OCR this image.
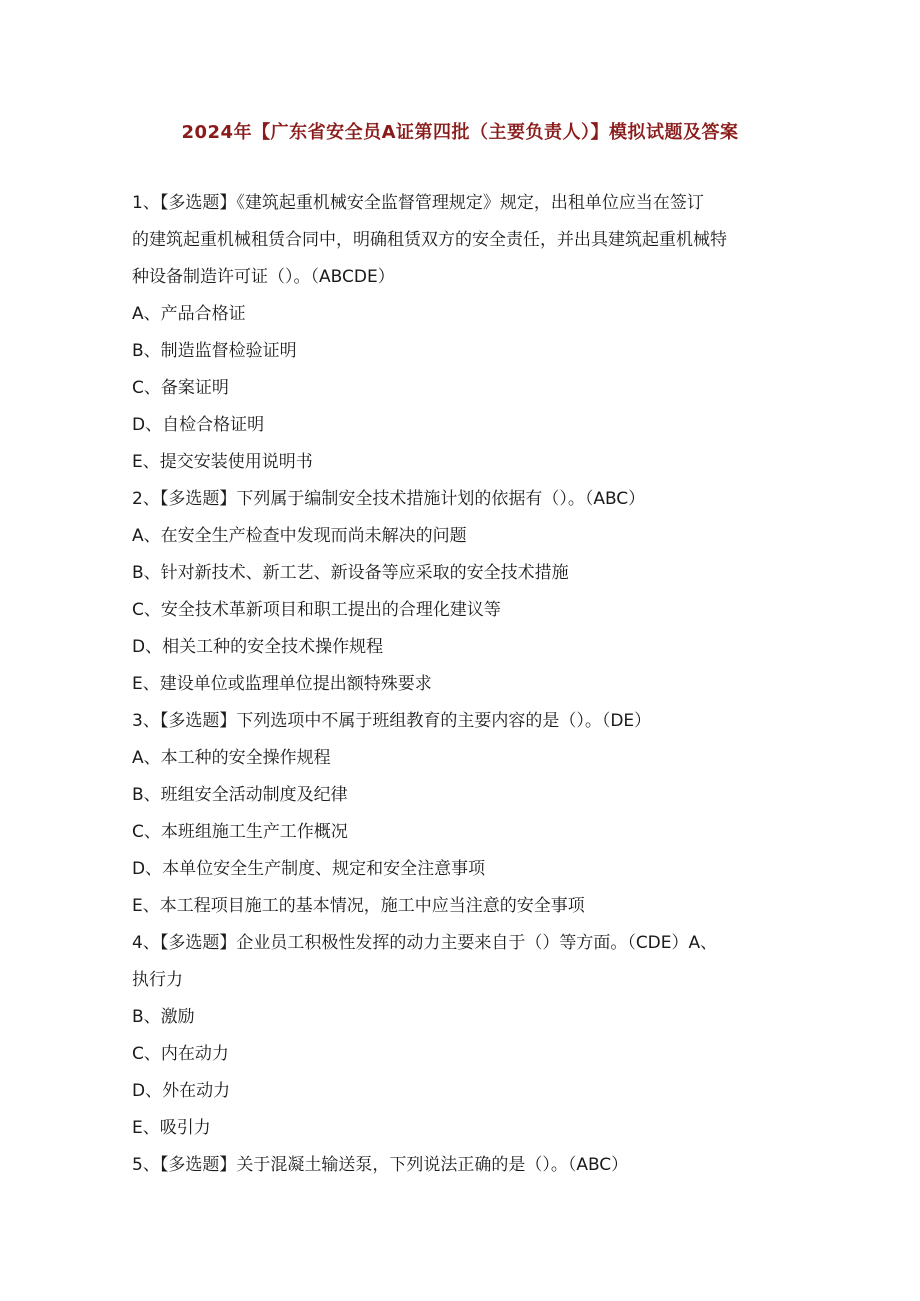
2024年【广东省安全员A证第四批（主要负责人）】模拟试题及答案
1、【多选题】《建筑起重机械安全监督管理规定》规定，出租单位应当在签订
的建筑起重机械租赁合同中，明确租赁双方的安全责任，并出具建筑起重机械特
种设备制造许可证（）。（ABCDE）
A、产品合格证
B、制造监督检验证明
C、备案证明
D、自检合格证明
E、提交安装使用说明书
2、【多选题】下列属于编制安全技术措施计划的依据有（）。（ABC）
A、在安全生产检查中发现而尚未解决的问题
B、针对新技术、新工艺、新设备等应采取的安全技术措施
C、安全技术革新项目和职工提出的合理化建议等
D、相关工种的安全技术操作规程
E、建设单位或监理单位提出额特殊要求
3、【多选题】下列选项中不属于班组教育的主要内容的是（）。（DE）
A、本工种的安全操作规程
B、班组安全活动制度及纪律
C、本班组施工生产工作概况
D、本单位安全生产制度、规定和安全注意事项
E、本工程项目施工的基本情况，施工中应当注意的安全事项
4、【多选题】企业员工积极性发挥的动力主要来自于（）等方面。（CDE）A、
执行力
B、激励
C、内在动力
D、外在动力
E、吸引力
5、【多选题】关于混凝土输送泵，下列说法正确的是（）。（ABC）
